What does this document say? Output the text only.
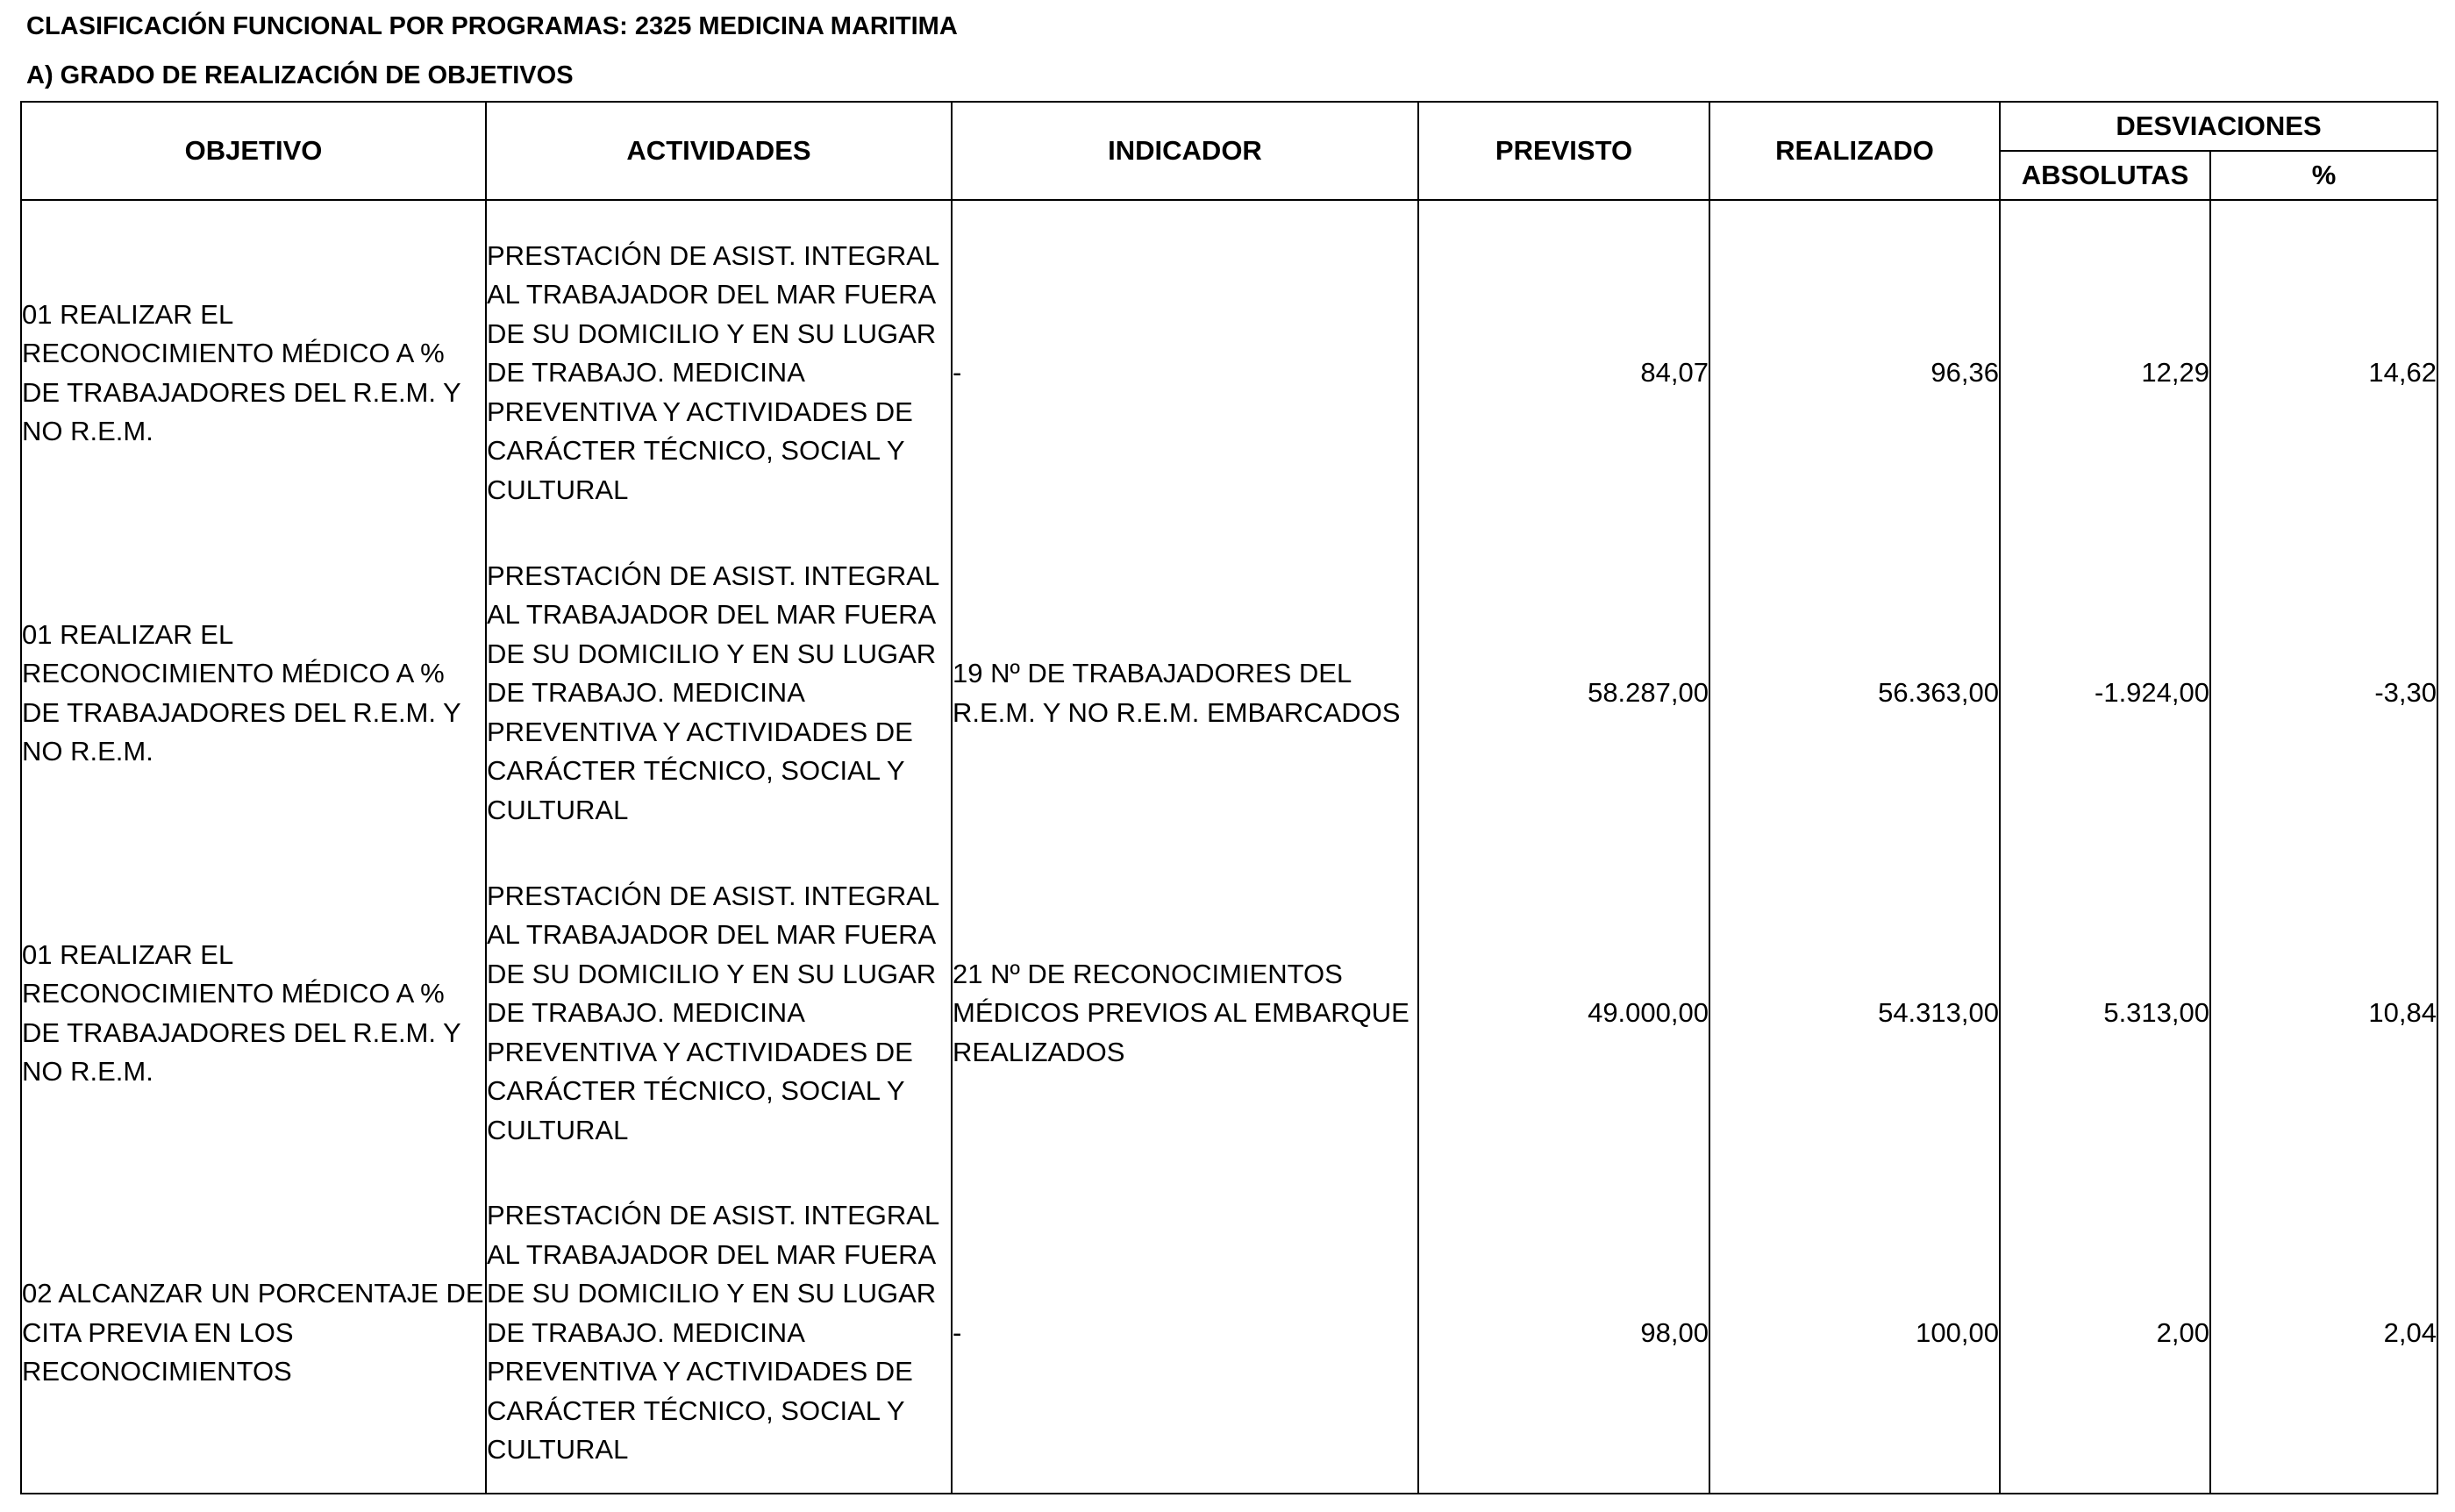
CLASIFICACIÓN FUNCIONAL POR PROGRAMAS: 2325 MEDICINA MARITIMA
A) GRADO DE REALIZACIÓN DE OBJETIVOS
OBJETIVO	ACTIVIDADES	INDICADOR	PREVISTO	REALIZADO	DESVIACIONES	
					ABSOLUTAS	%

01 REALIZAR EL RECONOCIMIENTO MÉDICO A % DE TRABAJADORES DEL R.E.M. Y NO R.E.M.	PRESTACIÓN DE ASIST. INTEGRAL AL TRABAJADOR DEL MAR FUERA DE SU DOMICILIO Y EN SU LUGAR DE TRABAJO. MEDICINA PREVENTIVA Y ACTIVIDADES DE CARÁCTER TÉCNICO, SOCIAL Y CULTURAL	-	84,07	96,36	12,29	14,62
01 REALIZAR EL RECONOCIMIENTO MÉDICO A % DE TRABAJADORES DEL R.E.M. Y NO R.E.M.	PRESTACIÓN DE ASIST. INTEGRAL AL TRABAJADOR DEL MAR FUERA DE SU DOMICILIO Y EN SU LUGAR DE TRABAJO. MEDICINA PREVENTIVA Y ACTIVIDADES DE CARÁCTER TÉCNICO, SOCIAL Y CULTURAL	19 Nº DE TRABAJADORES DEL R.E.M. Y NO R.E.M. EMBARCADOS	58.287,00	56.363,00	-1.924,00	-3,30
01 REALIZAR EL RECONOCIMIENTO MÉDICO A % DE TRABAJADORES DEL R.E.M. Y NO R.E.M.	PRESTACIÓN DE ASIST. INTEGRAL AL TRABAJADOR DEL MAR FUERA DE SU DOMICILIO Y EN SU LUGAR DE TRABAJO. MEDICINA PREVENTIVA Y ACTIVIDADES DE CARÁCTER TÉCNICO, SOCIAL Y CULTURAL	21 Nº DE RECONOCIMIENTOS MÉDICOS PREVIOS AL EMBARQUE REALIZADOS	49.000,00	54.313,00	5.313,00	10,84
02 ALCANZAR UN PORCENTAJE DE CITA PREVIA EN LOS RECONOCIMIENTOS	PRESTACIÓN DE ASIST. INTEGRAL AL TRABAJADOR DEL MAR FUERA DE SU DOMICILIO Y EN SU LUGAR DE TRABAJO. MEDICINA PREVENTIVA Y ACTIVIDADES DE CARÁCTER TÉCNICO, SOCIAL Y CULTURAL	-	98,00	100,00	2,00	2,04
